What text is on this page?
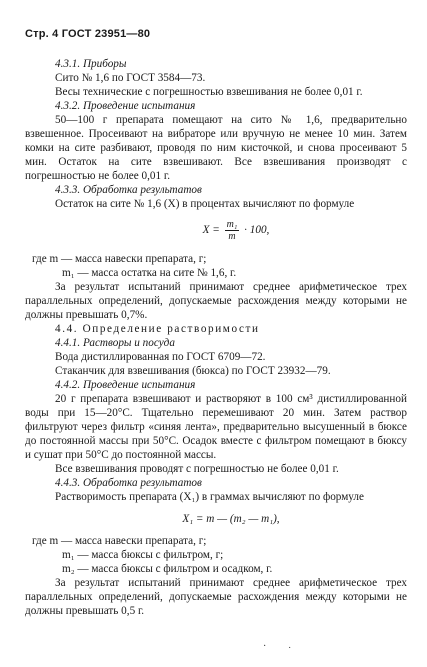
Стр. 4 ГОСТ 23951—80

4.3.1. Приборы

Сито № 1,6 по ГОСТ 3584—73.

Весы технические с погрешностью взвешивания не более 0,01 г.

4.3.2. Проведение испытания

50—100 г препарата помещают на сито № 1,6, предварительно взвешенное. Просеивают на вибраторе или вручную не менее 10 мин. Затем комки на сите разбивают, проводя по ним кисточкой, и снова просеивают 5 мин. Остаток на сите взвешивают. Все взвешивания производят с погрешностью не более 0,01 г.

4.3.3. Обработка результатов

Остаток на сите № 1,6 (X) в процентах вычисляют по формуле

$X = \frac{\text{m₁}}{m} \cdot 100$,

где m — масса навески препарата, г;

m₁ — масса остатка на сите № 1,6, г.

За результат испытаний принимают среднее арифметическое трех параллельных определений, допускаемые расхождения между которыми не должны превышать 0,7%.

4.4. Определение растворимости

4.4.1. Растворы и посуда

Вода дистиллированная по ГОСТ 6709—72.

Стаканчик для взвешивания (бюкса) по ГОСТ 23932—79.

4.4.2. Проведение испытания

20 г препарата взвешивают и растворяют в 100 см³ дистиллированной воды при 15—20°С. Тщательно перемешивают 20 мин. Затем раствор фильтруют через фильтр «синяя лента», предварительно высушенный в бюксе до постоянной массы при 50°С. Осадок вместе с фильтром помещают в бюксу и сушат при 50°С до постоянной массы.

Все взвешивания проводят с погрешностью не более 0,01 г.

4.4.3. Обработка результатов

Растворимость препарата (X₁) в граммах вычисляют по формуле

X₁ = m — (m₂ — m₁),

где m — масса навески препарата, г;

m₁ — масса бюксы с фильтром, г;

m₂ — масса бюксы с фильтром и осадком, г.

За результат испытаний принимают среднее арифметическое трех параллельных определений, допускаемые расхождения между которыми не должны превышать 0,5 г.

· ˙
